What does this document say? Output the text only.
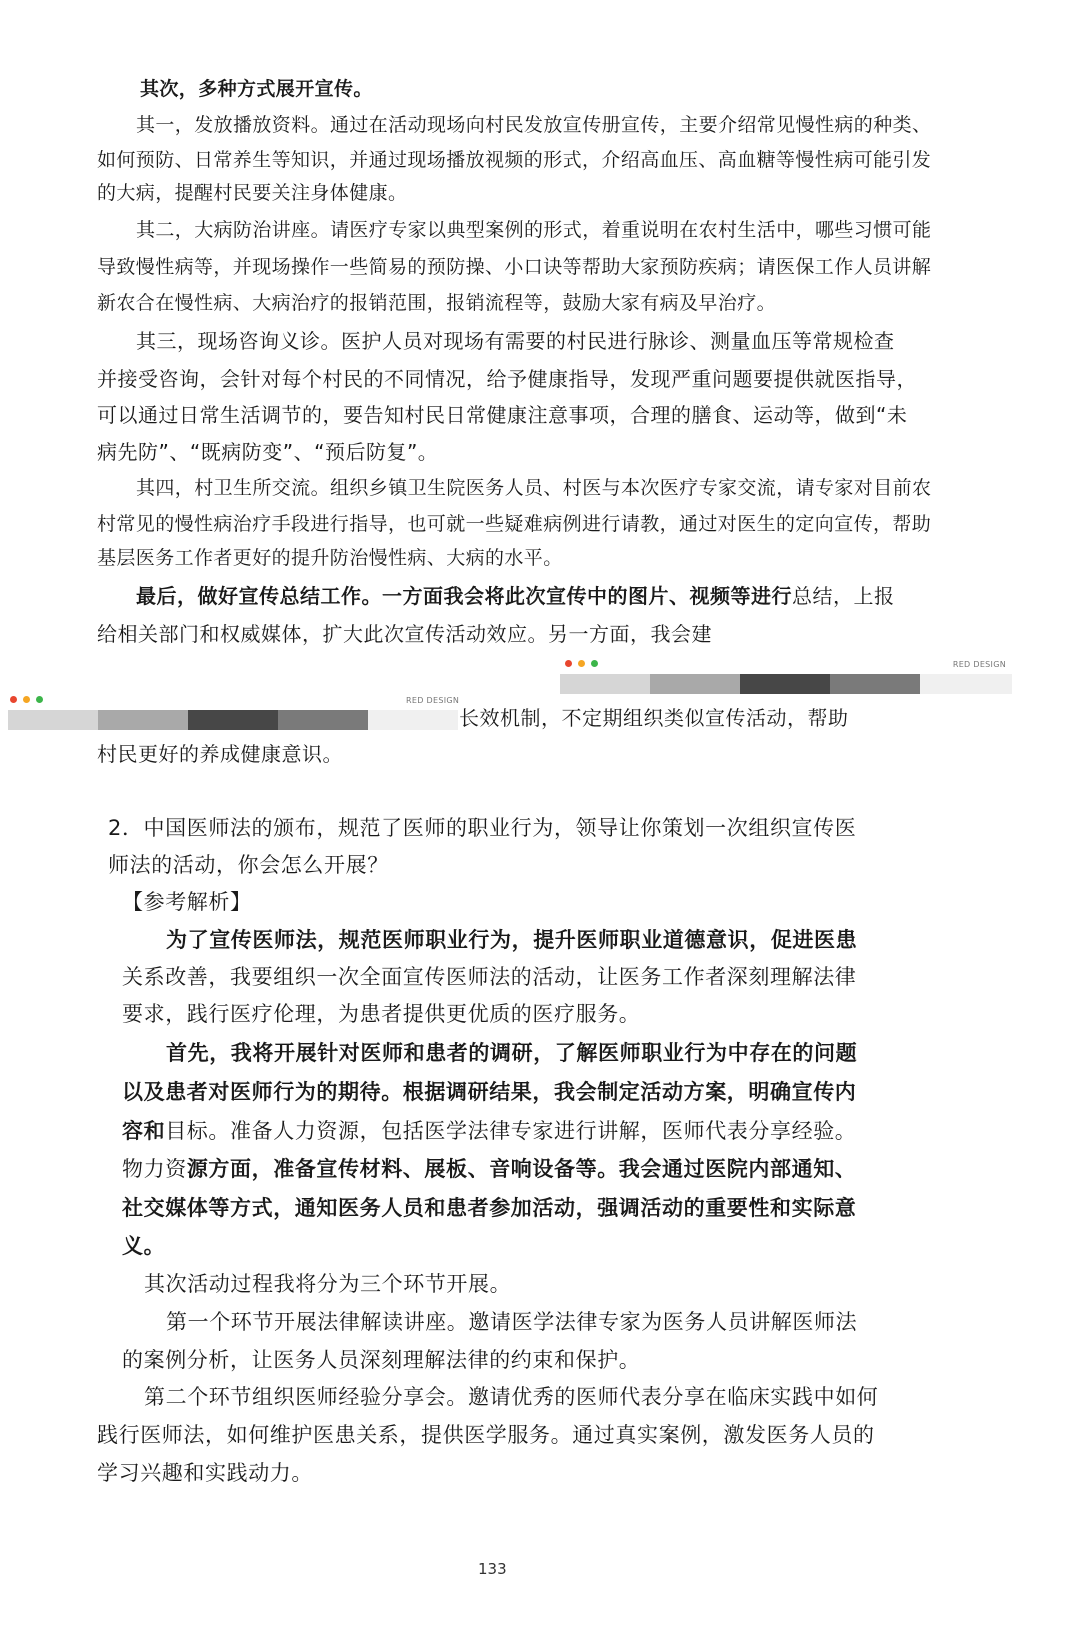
其次，多种方式展开宣传。
其一，发放播放资料。通过在活动现场向村民发放宣传册宣传，主要介绍常见慢性病的种类、
如何预防、日常养生等知识，并通过现场播放视频的形式，介绍高血压、高血糖等慢性病可能引发
的大病，提醒村民要关注身体健康。
其二，大病防治讲座。请医疗专家以典型案例的形式，着重说明在农村生活中，哪些习惯可能
导致慢性病等，并现场操作一些简易的预防操、小口诀等帮助大家预防疾病；请医保工作人员讲解
新农合在慢性病、大病治疗的报销范围，报销流程等，鼓励大家有病及早治疗。
其三，现场咨询义诊。医护人员对现场有需要的村民进行脉诊、测量血压等常规检查
并接受咨询，会针对每个村民的不同情况，给予健康指导，发现严重问题要提供就医指导，
可以通过日常生活调节的，要告知村民日常健康注意事项，合理的膳食、运动等，做到“未
病先防”、“既病防变”、“预后防复”。
其四，村卫生所交流。组织乡镇卫生院医务人员、村医与本次医疗专家交流，请专家对目前农
村常见的慢性病治疗手段进行指导，也可就一些疑难病例进行请教，通过对医生的定向宣传，帮助
基层医务工作者更好的提升防治慢性病、大病的水平。
最后，做好宣传总结工作。一方面我会将此次宣传中的图片、视频等进行总结，上报
给相关部门和权威媒体，扩大此次宣传活动效应。另一方面，我会建
RED DESIGN
RED DESIGN
长效机制，不定期组织类似宣传活动，帮助
村民更好的养成健康意识。
2．中国医师法的颁布，规范了医师的职业行为，领导让你策划一次组织宣传医
师法的活动，你会怎么开展？
【参考解析】
为了宣传医师法，规范医师职业行为，提升医师职业道德意识，促进医患
关系改善，我要组织一次全面宣传医师法的活动，让医务工作者深刻理解法律
要求，践行医疗伦理，为患者提供更优质的医疗服务。
首先，我将开展针对医师和患者的调研，了解医师职业行为中存在的问题
以及患者对医师行为的期待。根据调研结果，我会制定活动方案，明确宣传内
容和目标。准备人力资源，包括医学法律专家进行讲解，医师代表分享经验。
物力资源方面，准备宣传材料、展板、音响设备等。我会通过医院内部通知、
社交媒体等方式，通知医务人员和患者参加活动，强调活动的重要性和实际意
义。
其次活动过程我将分为三个环节开展。
第一个环节开展法律解读讲座。邀请医学法律专家为医务人员讲解医师法
的案例分析，让医务人员深刻理解法律的约束和保护。
第二个环节组织医师经验分享会。邀请优秀的医师代表分享在临床实践中如何
践行医师法，如何维护医患关系，提供医学服务。通过真实案例，激发医务人员的
学习兴趣和实践动力。
133
